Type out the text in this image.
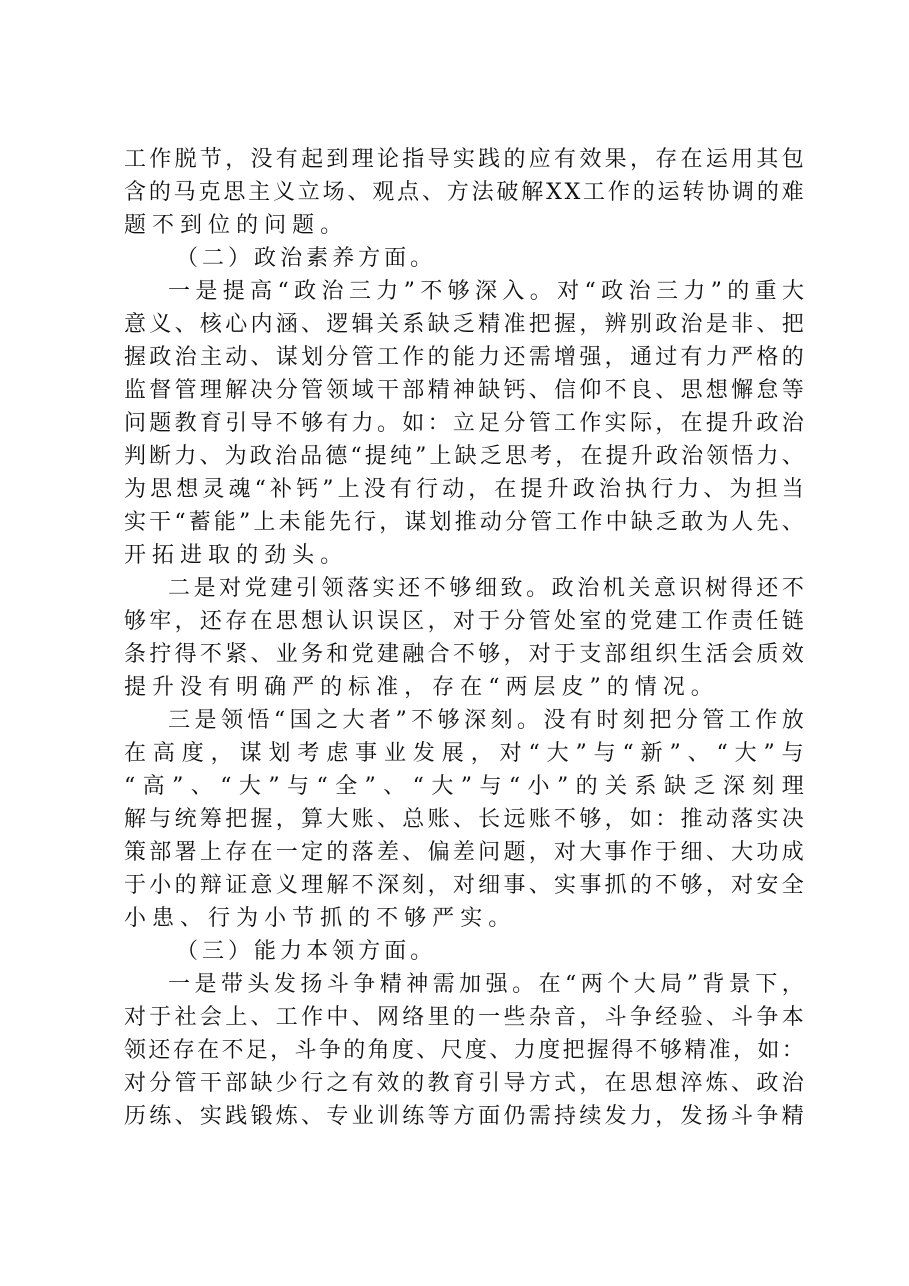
工 作 脱 节 ， 没 有 起 到 理 论 指 导 实 践 的 应 有 效 果 ， 存 在 运 用 其 包
含 的 马 克 思 主 义 立 场 、 观 点 、 方 法 破 解 X X 工 作 的 运 转 协 调 的 难
题 不 到 位 的 问 题 。
（ 二 ） 政 治 素 养 方 面 。
一 是 提 高 “ 政 治 三 力 ” 不 够 深 入 。 对 “ 政 治 三 力 ” 的 重 大
意 义 、 核 心 内 涵 、 逻 辑 关 系 缺 乏 精 准 把 握 ， 辨 别 政 治 是 非 、 把
握 政 治 主 动 、 谋 划 分 管 工 作 的 能 力 还 需 增 强 ， 通 过 有 力 严 格 的
监 督 管 理 解 决 分 管 领 域 干 部 精 神 缺 钙 、 信 仰 不 良 、 思 想 懈 怠 等
问 题 教 育 引 导 不 够 有 力 。 如 ： 立 足 分 管 工 作 实 际 ， 在 提 升 政 治
判 断 力 、 为 政 治 品 德 “ 提 纯 ” 上 缺 乏 思 考 ， 在 提 升 政 治 领 悟 力 、
为 思 想 灵 魂 “ 补 钙 ” 上 没 有 行 动 ， 在 提 升 政 治 执 行 力 、 为 担 当
实 干 “ 蓄 能 ” 上 未 能 先 行 ， 谋 划 推 动 分 管 工 作 中 缺 乏 敢 为 人 先 、
开 拓 进 取 的 劲 头 。
二 是 对 党 建 引 领 落 实 还 不 够 细 致 。 政 治 机 关 意 识 树 得 还 不
够 牢 ， 还 存 在 思 想 认 识 误 区 ， 对 于 分 管 处 室 的 党 建 工 作 责 任 链
条 拧 得 不 紧 、 业 务 和 党 建 融 合 不 够 ， 对 于 支 部 组 织 生 活 会 质 效
提 升 没 有 明 确 严 的 标 准 ， 存 在 “ 两 层 皮 ” 的 情 况 。
三 是 领 悟 “ 国 之 大 者 ” 不 够 深 刻 。 没 有 时 刻 把 分 管 工 作 放
在 高 度 ， 谋 划 考 虑 事 业 发 展 ， 对 “ 大 ” 与 “ 新 ” 、 “ 大 ” 与
“ 高 ” 、 “ 大 ” 与 “ 全 ” 、 “ 大 ” 与 “ 小 ” 的 关 系 缺 乏 深 刻 理
解 与 统 筹 把 握 ， 算 大 账 、 总 账 、 长 远 账 不 够 ， 如 ： 推 动 落 实 决
策 部 署 上 存 在 一 定 的 落 差 、 偏 差 问 题 ， 对 大 事 作 于 细 、 大 功 成
于 小 的 辩 证 意 义 理 解 不 深 刻 ， 对 细 事 、 实 事 抓 的 不 够 ， 对 安 全
小 患 、 行 为 小 节 抓 的 不 够 严 实 。
（ 三 ） 能 力 本 领 方 面 。
一 是 带 头 发 扬 斗 争 精 神 需 加 强 。 在 “ 两 个 大 局 ” 背 景 下 ，
对 于 社 会 上 、 工 作 中 、 网 络 里 的 一 些 杂 音 ， 斗 争 经 验 、 斗 争 本
领 还 存 在 不 足 ， 斗 争 的 角 度 、 尺 度 、 力 度 把 握 得 不 够 精 准 ， 如 ：
对 分 管 干 部 缺 少 行 之 有 效 的 教 育 引 导 方 式 ， 在 思 想 淬 炼 、 政 治
历 练 、 实 践 锻 炼 、 专 业 训 练 等 方 面 仍 需 持 续 发 力 ， 发 扬 斗 争 精
